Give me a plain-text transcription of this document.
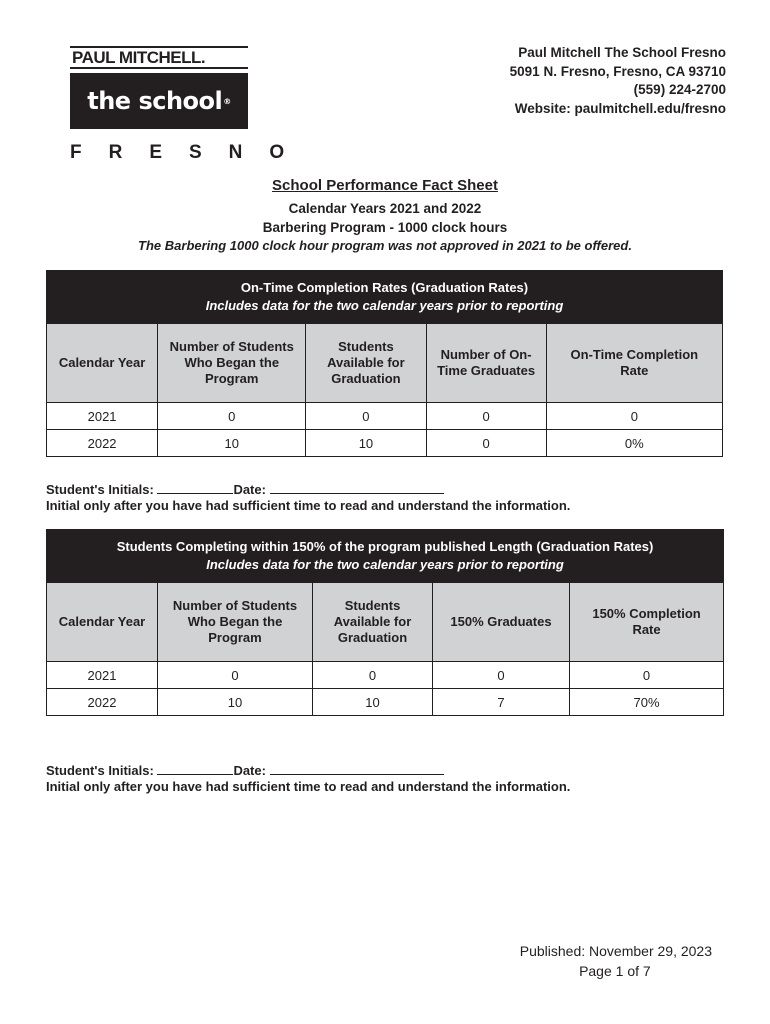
PAUL MITCHELL.
the school ®
FRESNO
Paul Mitchell The School Fresno
5091 N. Fresno, Fresno, CA 93710
(559) 224-2700
Website: paulmitchell.edu/fresno
School Performance Fact Sheet
Calendar Years 2021 and 2022
Barbering Program - 1000 clock hours
The Barbering 1000 clock hour program was not approved in 2021 to be offered.
On-Time Completion Rates (Graduation Rates)
Includes data for the two calendar years prior to reporting				

Calendar Year	Number of Students Who Began the Program	Students Available for Graduation	Number of On-Time Graduates	On-Time Completion Rate
2021	0	0	0	0
2022	10	10	0	0%
Student's Initials:	Date:
Initial only after you have had sufficient time to read and understand the information.
Students Completing within 150% of the program published Length (Graduation Rates)
Includes data for the two calendar years prior to reporting				

Calendar Year	Number of Students Who Began the Program	Students Available for Graduation	150% Graduates	150% Completion Rate
2021	0	0	0	0
2022	10	10	7	70%
Student's Initials:	Date:
Initial only after you have had sufficient time to read and understand the information.
Published: November 29, 2023
Page 1 of 7
